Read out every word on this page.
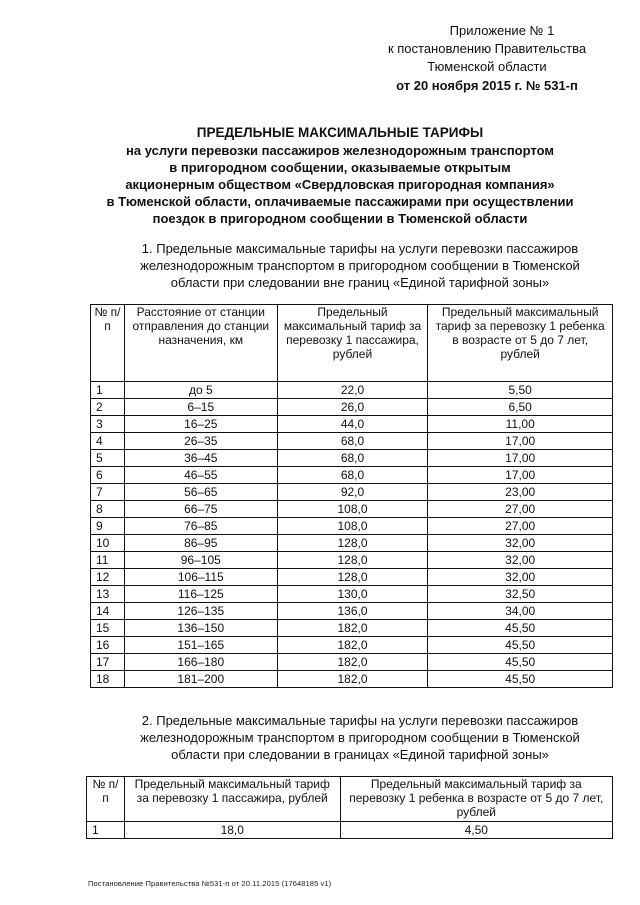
Приложение № 1
к постановлению Правительства
Тюменской области
от 20 ноября 2015 г. № 531-п
ПРЕДЕЛЬНЫЕ МАКСИМАЛЬНЫЕ ТАРИФЫ
на услуги перевозки пассажиров железнодорожным транспортом
в пригородном сообщении, оказываемые открытым
акционерным обществом «Свердловская пригородная компания»
в Тюменской области, оплачиваемые пассажирами при осуществлении
поездок в пригородном сообщении в Тюменской области
1. Предельные максимальные тарифы на услуги перевозки пассажиров
железнодорожным транспортом в пригородном сообщении в Тюменской
области при следовании вне границ «Единой тарифной зоны»
№ п/п	Расстояние от станции отправления до станции назначения, км	Предельный максимальный тариф за перевозку 1 пассажира, рублей	Предельный максимальный тариф за перевозку 1 ребенка в возрасте от 5 до 7 лет, рублей
1	до 5	22,0	5,50
2	6–15	26,0	6,50
3	16–25	44,0	11,00
4	26–35	68,0	17,00
5	36–45	68,0	17,00
6	46–55	68,0	17,00
7	56–65	92,0	23,00
8	66–75	108,0	27,00
9	76–85	108,0	27,00
10	86–95	128,0	32,00
11	96–105	128,0	32,00
12	106–115	128,0	32,00
13	116–125	130,0	32,50
14	126–135	136,0	34,00
15	136–150	182,0	45,50
16	151–165	182,0	45,50
17	166–180	182,0	45,50
18	181–200	182,0	45,50
2. Предельные максимальные тарифы на услуги перевозки пассажиров
железнодорожным транспортом в пригородном сообщении в Тюменской
области при следовании в границах «Единой тарифной зоны»
№ п/п	Предельный максимальный тариф за перевозку 1 пассажира, рублей	Предельный максимальный тариф за перевозку 1 ребенка в возрасте от 5 до 7 лет, рублей
1	18,0	4,50
Постановление Правительства №531-п от 20.11.2015 (17648185 v1)
